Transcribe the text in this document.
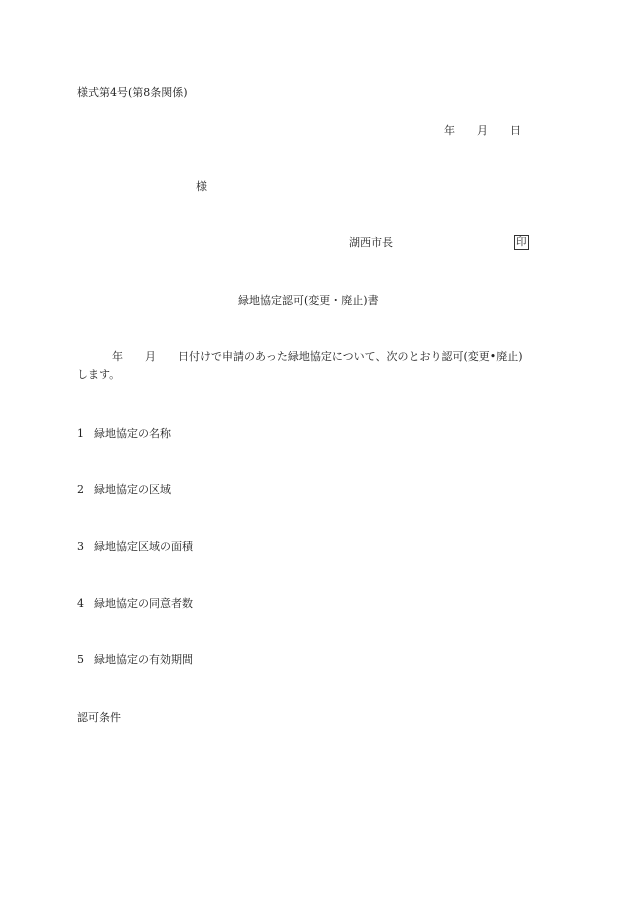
様式第4号(第8条関係)
年 月 日
様
湖西市長	印
緑地協定認可(変更・廃止)書
年 月 日付けで申請のあった緑地協定について、次のとおり認可(変更•廃止)
します。
1 緑地協定の名称
2 緑地協定の区域
3 緑地協定区域の面積
4 緑地協定の同意者数
5 緑地協定の有効期間
認可条件
